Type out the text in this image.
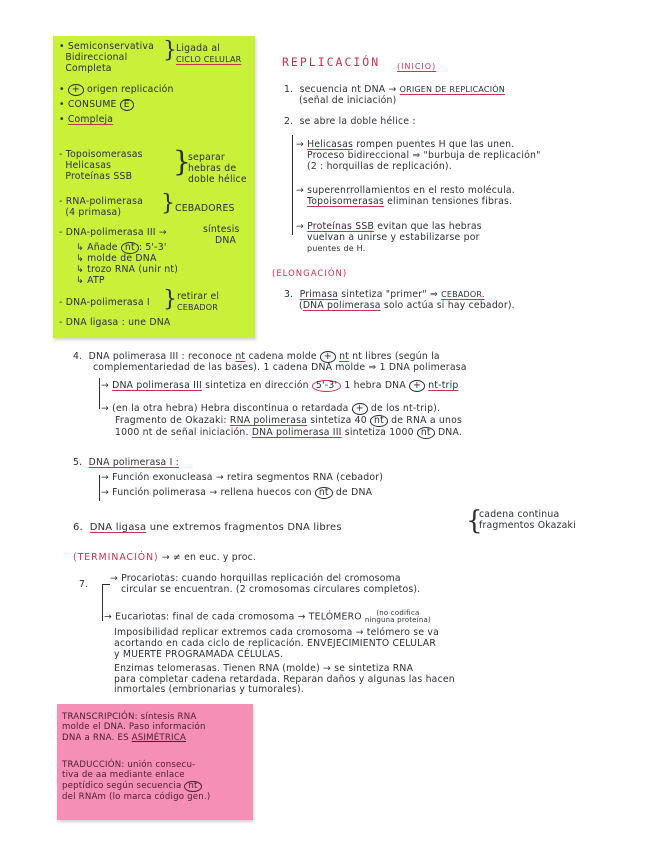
• Semiconservativa
Bidireccional
Completa
}
Ligada al
CICLO CELULAR
• + origen replicación
• CONSUME E
• Compleja
- Topoisomerasas
Helicasas
Proteínas SSB	}
separar
hebras de
doble hélice
- RNA-polimerasa
(4 primasa)	} CEBADORES
- DNA-polimerasa III →	síntesis
DNA
↳ Añade nt : 5'-3'
↳ molde de DNA
↳ trozo RNA (unir nt)
↳ ATP
- DNA-polimerasa I } retirar el
CEBADOR
- DNA ligasa : une DNA
REPLICACIÓN (INICIO)
1. secuencia nt DNA → ORIGEN DE REPLICACIÓN
(señal de iniciación)
2. se abre la doble hélice :
→ Helicasas rompen puentes H que las unen.
Proceso bidireccional ⇒ "burbuja de replicación"
(2 : horquillas de replicación).
→ superenrrollamientos en el resto molécula.
Topoisomerasas eliminan tensiones fibras.
→ Proteínas SSB evitan que las hebras
vuelvan a unirse y estabilizarse por
puentes de H.
(ELONGACIÓN)
3. Primasa sintetiza "primer" ⇒ CEBADOR.
(DNA polimerasa solo actúa si hay cebador).
4. DNA polimerasa III : reconoce nt cadena molde + nt nt libres (según la
complementariedad de las bases). 1 cadena DNA molde ⇒ 1 DNA polimerasa
→ DNA polimerasa III sintetiza en dirección 5'-3' 1 hebra DNA + nt-trip
→ (en la otra hebra) Hebra discontinua o retardada + de los nt-trip).
Fragmento de Okazaki: RNA polimerasa sintetiza 40 nt de RNA a unos
1000 nt de señal iniciación. DNA polimerasa III sintetiza 1000 nt DNA.
5. DNA polimerasa I :
→ Función exonucleasa → retira segmentos RNA (cebador)
→ Función polimerasa → rellena huecos con nt de DNA
6. DNA ligasa une extremos fragmentos DNA libres	{
cadena continua
fragmentos Okazaki
(TERMINACIÓN) → ≠ en euc. y proc.
7.
→ Procariotas: cuando horquillas replicación del cromosoma
circular se encuentran. (2 cromosomas circulares completos).
→ Eucariotas: final de cada cromosoma → TELÓMERO (no codifica
ninguna proteína)
Imposibilidad replicar extremos cada cromosoma → telómero se va
acortando en cada ciclo de replicación. ENVEJECIMIENTO CELULAR
y MUERTE PROGRAMADA CÉLULAS.
Enzimas telomerasas. Tienen RNA (molde) → se sintetiza RNA
para completar cadena retardada. Reparan daños y algunas las hacen
inmortales (embrionarias y tumorales).
TRANSCRIPCIÓN: síntesis RNA
molde el DNA. Paso información
DNA a RNA. ES ASIMÉTRICA
TRADUCCIÓN: unión consecu-
tiva de aa mediante enlace
peptídico según secuencia nt
del RNAm (lo marca código gen.)
